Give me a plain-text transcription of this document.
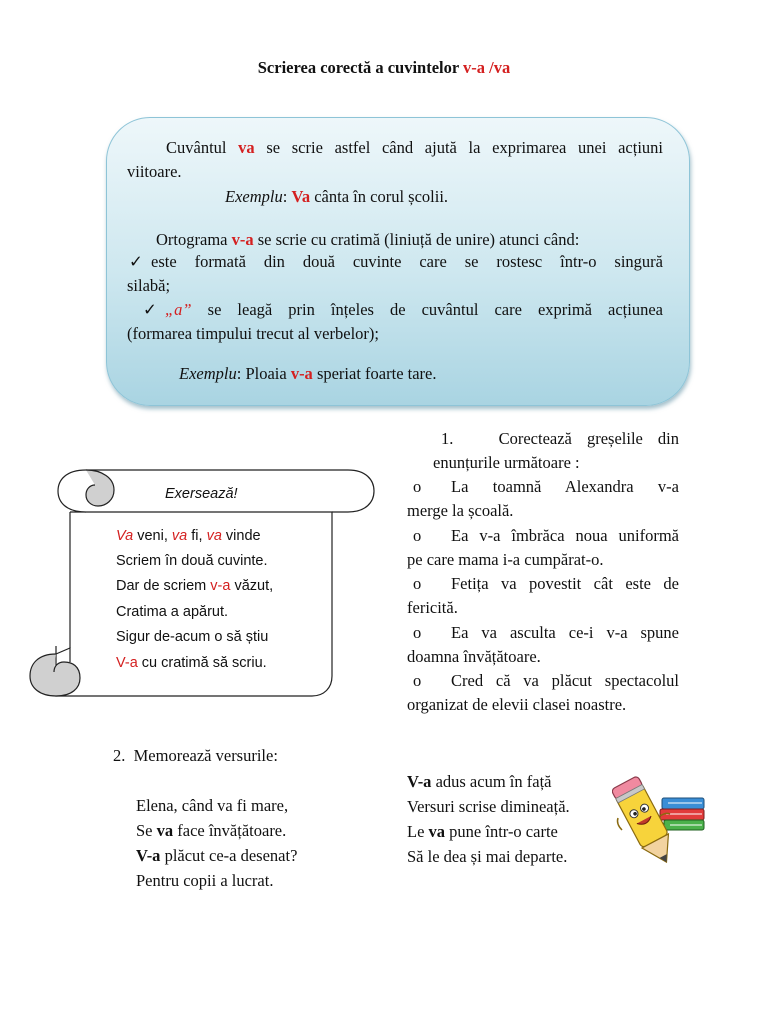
Scrierea corectă a cuvintelor v-a /va
Cuvântul va se scrie astfel când ajută la exprimarea unei acțiuni
viitoare.
Exemplu: Va cânta în corul școlii.
Ortograma v-a se scrie cu cratimă (liniuță de unire) atunci când:
✓ este formată din două cuvinte care se rostesc într-o singură
silabă;
✓ „a” se leagă prin înțeles de cuvântul care exprimă acțiunea
(formarea timpului trecut al verbelor);
Exemplu: Ploaia v-a speriat foarte tare.
Exersează!
Va veni, va fi, va vinde
Scriem în două cuvinte.
Dar de scriem v-a văzut,
Cratima a apărut.
Sigur de-acum o să știu
V-a cu cratimă să scriu.
1.	Corectează greșelile din
enunțurile următoare :
o	La toamnă Alexandra v-a
merge la școală.
o	Ea v-a îmbrăca noua uniformă
pe care mama i-a cumpărat-o.
o	Fetița va povestit cât este de
fericită.
o	Ea va asculta ce-i v-a spune
doamna învățătoare.
o	Cred că va plăcut spectacolul
organizat de elevii clasei noastre.
2. Memorează versurile:
Elena, când va fi mare,
Se va face învățătoare.
V-a plăcut ce-a desenat?
Pentru copii a lucrat.
V-a adus acum în față
Versuri scrise dimineață.
Le va pune într-o carte
Să le dea și mai departe.
